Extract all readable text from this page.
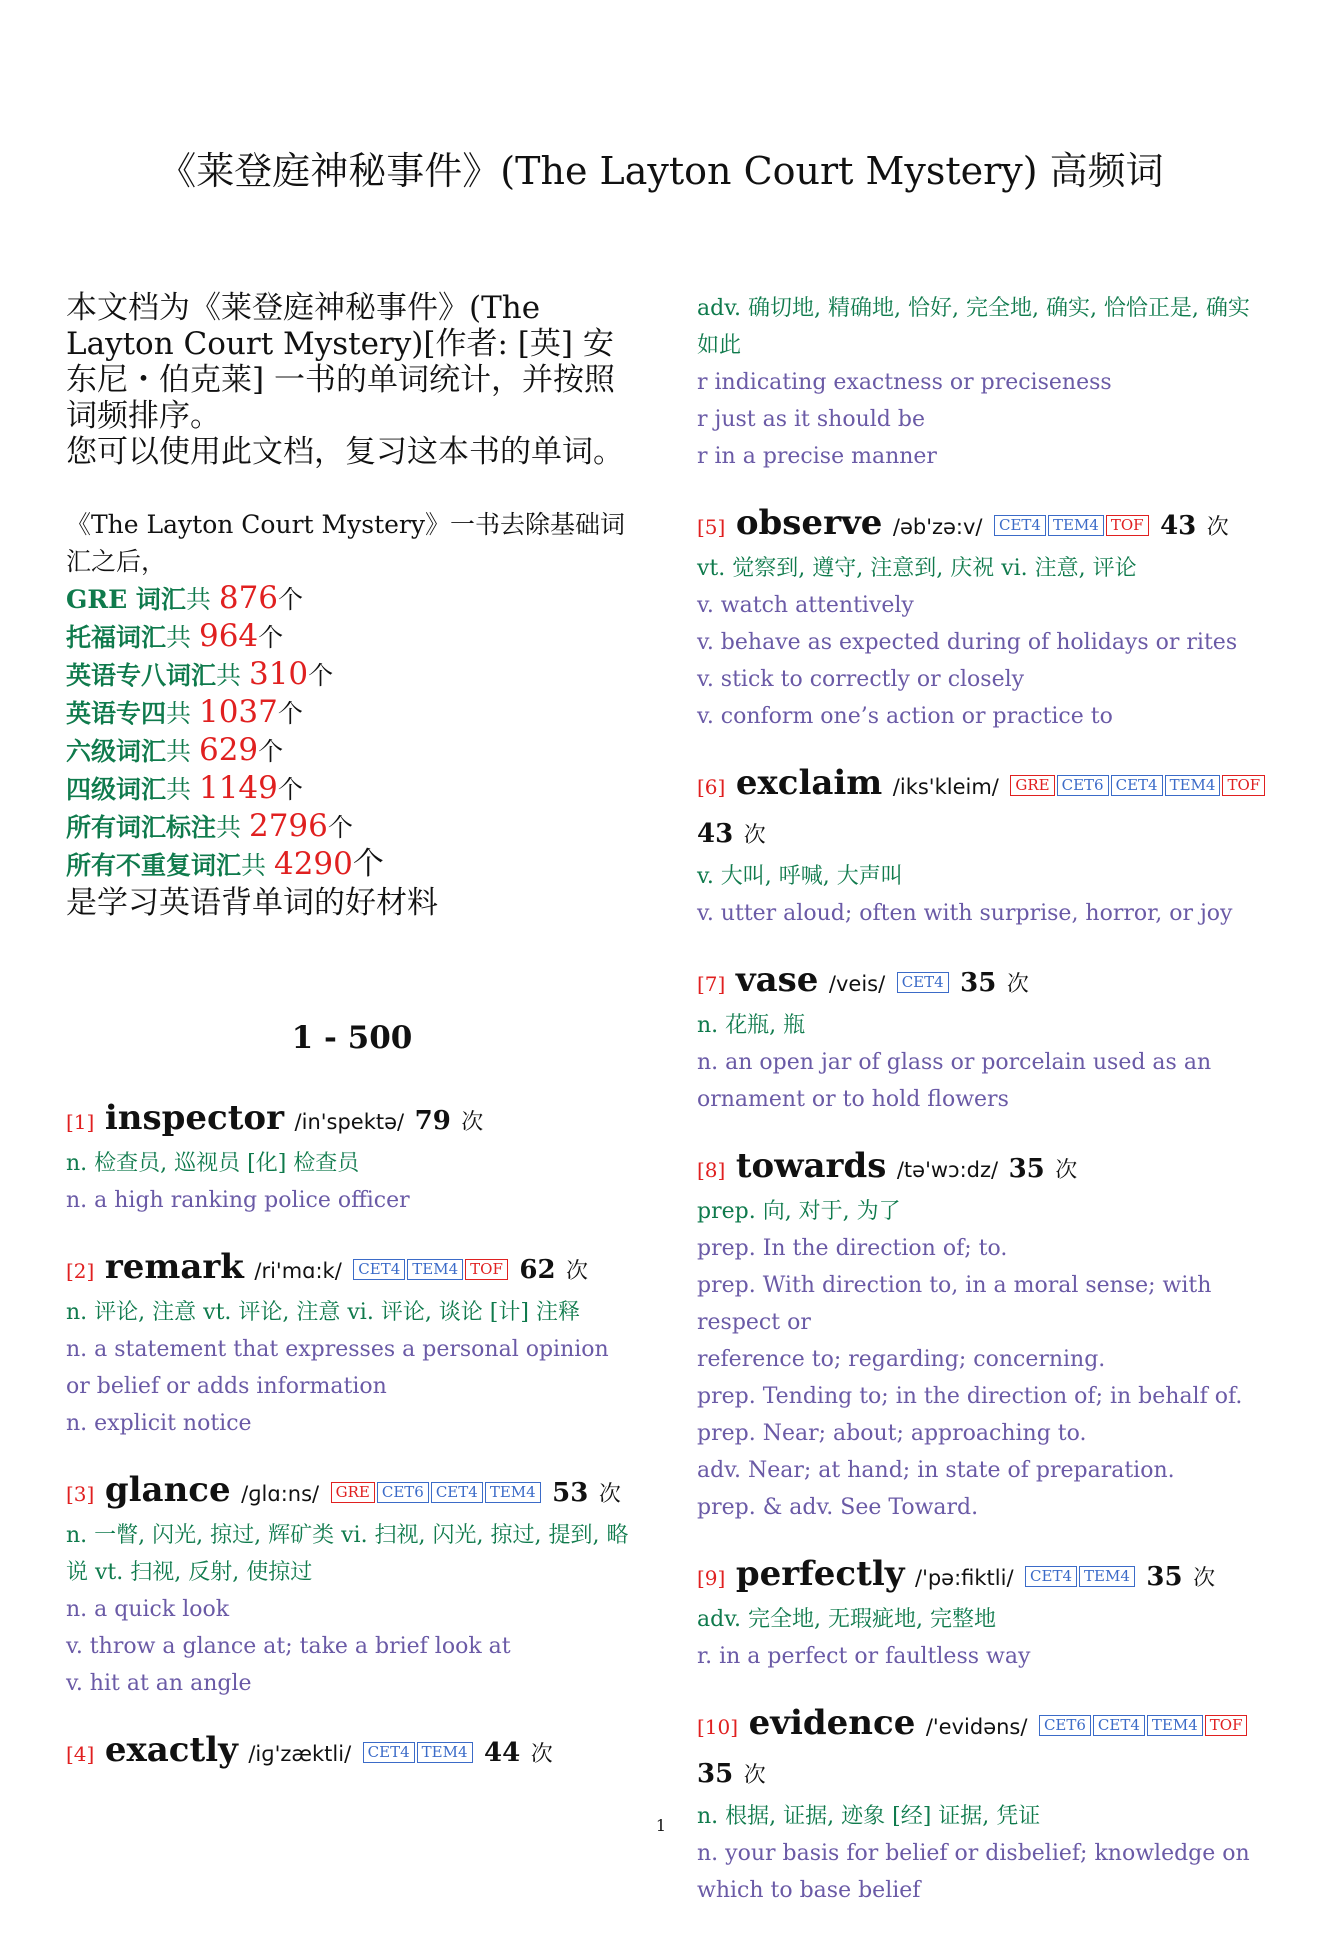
《莱登庭神秘事件》(The Layton Court Mystery) 高频词

本文档为《莱登庭神秘事件》(The Layton Court Mystery)[作者: [英] 安东尼・伯克莱] 一书的单词统计，并按照词频排序。

您可以使用此文档，复习这本书的单词。

《The Layton Court Mystery》一书去除基础词汇之后，

GRE 词汇共 876个

托福词汇共 964个

英语专八词汇共 310个

英语专四共 1037个

六级词汇共 629个

四级词汇共 1149个

所有词汇标注共 2796个

所有不重复词汇共 4290个

是学习英语背单词的好材料

1 - 500
[1] inspector /in'spektə/ 79 次

n. 检查员, 巡视员 [化] 检查员

n. a high ranking police officer

[2] remark /ri'mɑ:k/ CET4 TEM4 TOF 62 次

n. 评论, 注意 vt. 评论, 注意 vi. 评论, 谈论 [计] 注释

n. a statement that expresses a personal opinion or belief or adds information

n. explicit notice

[3] glance /ɡlɑ:ns/ GRE CET6 CET4 TEM4 53 次

n. 一瞥, 闪光, 掠过, 辉矿类 vi. 扫视, 闪光, 掠过, 提到, 略说 vt. 扫视, 反射, 使掠过

n. a quick look

v. throw a glance at; take a brief look at

v. hit at an angle

[4] exactly /iɡ'zæktli/ CET4 TEM4 44 次

adv. 确切地, 精确地, 恰好, 完全地, 确实, 恰恰正是, 确实如此

r indicating exactness or preciseness

r just as it should be

r in a precise manner

[5] observe /əb'zə:v/ CET4 TEM4 TOF 43 次

vt. 觉察到, 遵守, 注意到, 庆祝 vi. 注意, 评论

v. watch attentively

v. behave as expected during of holidays or rites

v. stick to correctly or closely

v. conform one’s action or practice to

[6] exclaim /iks'kleim/ GRE CET6 CET4 TEM4 TOF 43 次

v. 大叫, 呼喊, 大声叫

v. utter aloud; often with surprise, horror, or joy

[7] vase /veis/ CET4 35 次

n. 花瓶, 瓶

n. an open jar of glass or porcelain used as an ornament or to hold flowers

[8] towards /tə'wɔ:dz/ 35 次

prep. 向, 对于, 为了

prep. In the direction of; to.

prep. With direction to, in a moral sense; with respect or

reference to; regarding; concerning.

prep. Tending to; in the direction of; in behalf of.

prep. Near; about; approaching to.

adv. Near; at hand; in state of preparation.

prep. & adv. See Toward.

[9] perfectly /'pə:fiktli/ CET4 TEM4 35 次

adv. 完全地, 无瑕疵地, 完整地

r. in a perfect or faultless way

[10] evidence /'evidəns/ CET6 CET4 TEM4 TOF 35 次

n. 根据, 证据, 迹象 [经] 证据, 凭证

n. your basis for belief or disbelief; knowledge on which to base belief

1
